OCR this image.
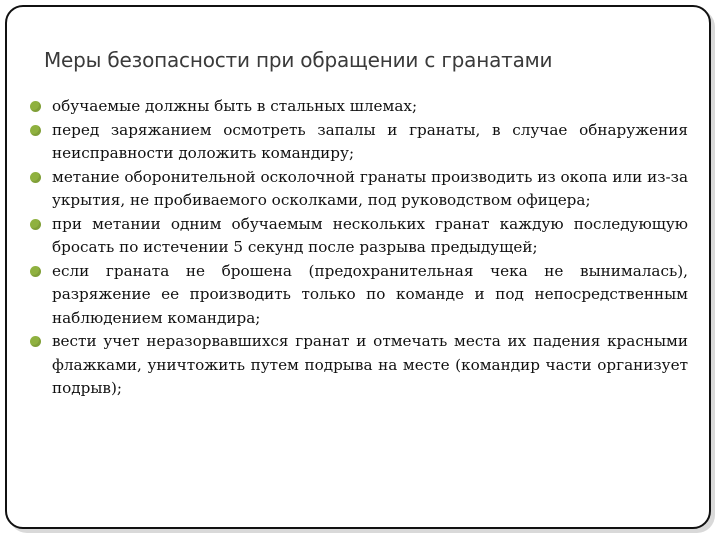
Меры безопасности при обращении с гранатами
обучаемые должны быть в стальных шлемах;
перед заряжанием осмотреть запалы и гранаты, в случае обнаружения неисправности доложить командиру;
метание оборонительной осколочной гранаты производить из окопа или из-за укрытия, не пробиваемого осколками, под руководством офицера;
при метании одним обучаемым нескольких гранат каждую последующую бросать по истечении 5 секунд после разрыва предыдущей;
если граната не брошена (предохранительная чека не вынималась), разряжение ее производить только по команде и под непосредственным наблюдением командира;
вести учет неразорвавшихся гранат и отмечать места их падения красными флажками, уничтожить путем подрыва на месте (командир части организует подрыв);
